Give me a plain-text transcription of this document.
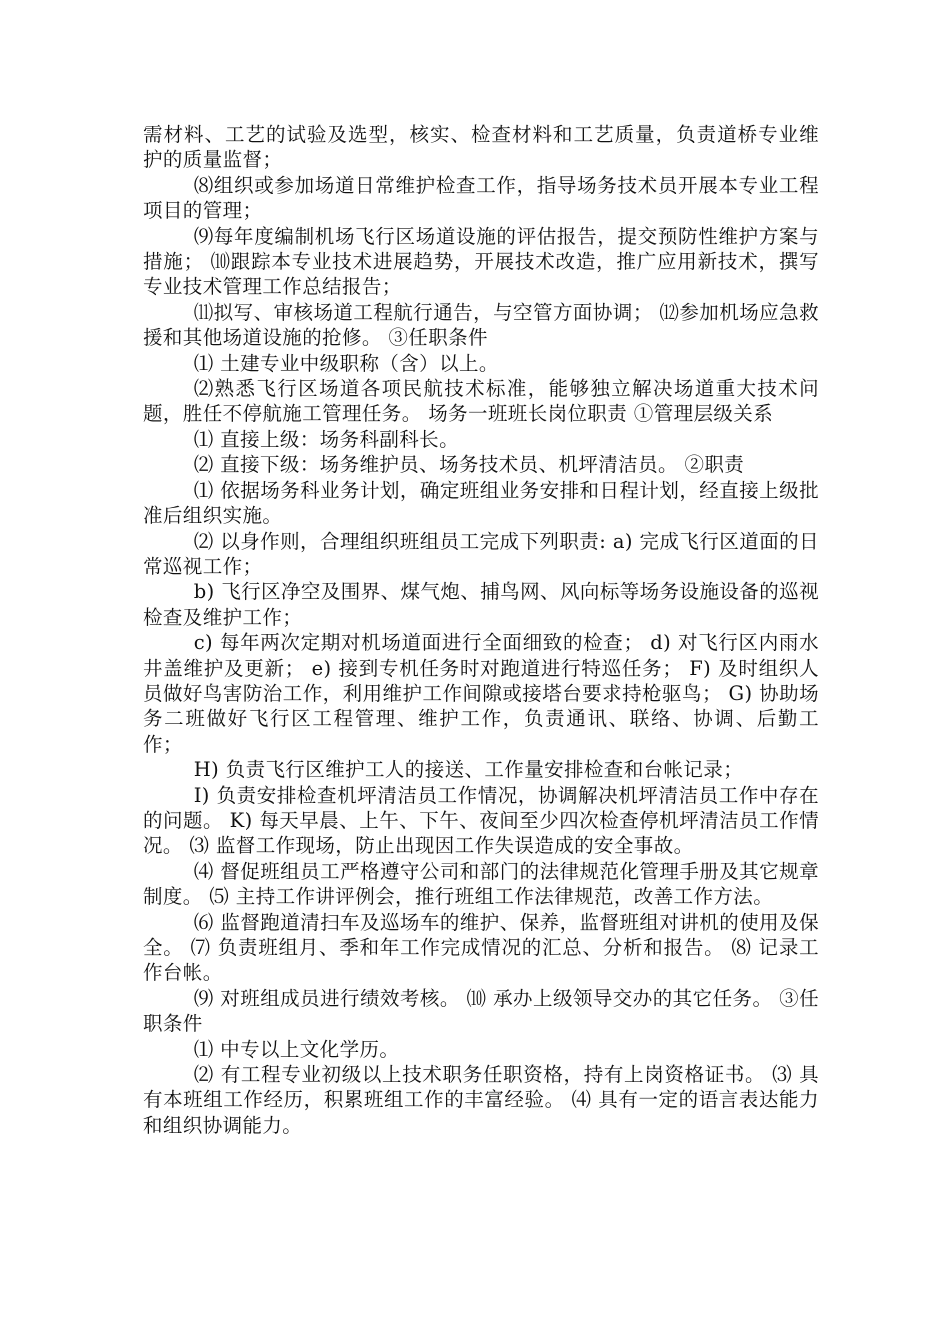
需材料、工艺的试验及选型，核实、检查材料和工艺质量，负责道桥专业维护的质量监督；

⑻组织或参加场道日常维护检查工作，指导场务技术员开展本专业工程项目的管理；

⑼每年度编制机场飞行区场道设施的评估报告，提交预防性维护方案与措施； ⑽跟踪本专业技术进展趋势，开展技术改造，推广应用新技术，撰写专业技术管理工作总结报告；

⑾拟写、审核场道工程航行通告，与空管方面协调； ⑿参加机场应急救援和其他场道设施的抢修。 ③任职条件

⑴ 土建专业中级职称（含）以上。

⑵熟悉飞行区场道各项民航技术标准，能够独立解决场道重大技术问题，胜任不停航施工管理任务。 场务一班班长岗位职责 ①管理层级关系

⑴ 直接上级：场务科副科长。

⑵ 直接下级：场务维护员、场务技术员、机坪清洁员。 ②职责

⑴ 依据场务科业务计划，确定班组业务安排和日程计划，经直接上级批准后组织实施。

⑵ 以身作则，合理组织班组员工完成下列职责: a) 完成飞行区道面的日常巡视工作；

b) 飞行区净空及围界、煤气炮、捕鸟网、风向标等场务设施设备的巡视检查及维护工作；

c) 每年两次定期对机场道面进行全面细致的检查； d) 对飞行区内雨水井盖维护及更新； e) 接到专机任务时对跑道进行特巡任务； F) 及时组织人员做好鸟害防治工作，利用维护工作间隙或接塔台要求持枪驱鸟； G) 协助场务二班做好飞行区工程管理、维护工作，负责通讯、联络、协调、后勤工作；

H) 负责飞行区维护工人的接送、工作量安排检查和台帐记录；

I) 负责安排检查机坪清洁员工作情况，协调解决机坪清洁员工作中存在的问题。 K) 每天早晨、上午、下午、夜间至少四次检查停机坪清洁员工作情况。 ⑶ 监督工作现场，防止出现因工作失误造成的安全事故。

⑷ 督促班组员工严格遵守公司和部门的法律规范化管理手册及其它规章制度。 ⑸ 主持工作讲评例会，推行班组工作法律规范，改善工作方法。

⑹ 监督跑道清扫车及巡场车的维护、保养，监督班组对讲机的使用及保全。 ⑺ 负责班组月、季和年工作完成情况的汇总、分析和报告。 ⑻ 记录工作台帐。

⑼ 对班组成员进行绩效考核。 ⑽ 承办上级领导交办的其它任务。 ③任职条件

⑴ 中专以上文化学历。

⑵ 有工程专业初级以上技术职务任职资格，持有上岗资格证书。 ⑶ 具有本班组工作经历，积累班组工作的丰富经验。 ⑷ 具有一定的语言表达能力和组织协调能力。
